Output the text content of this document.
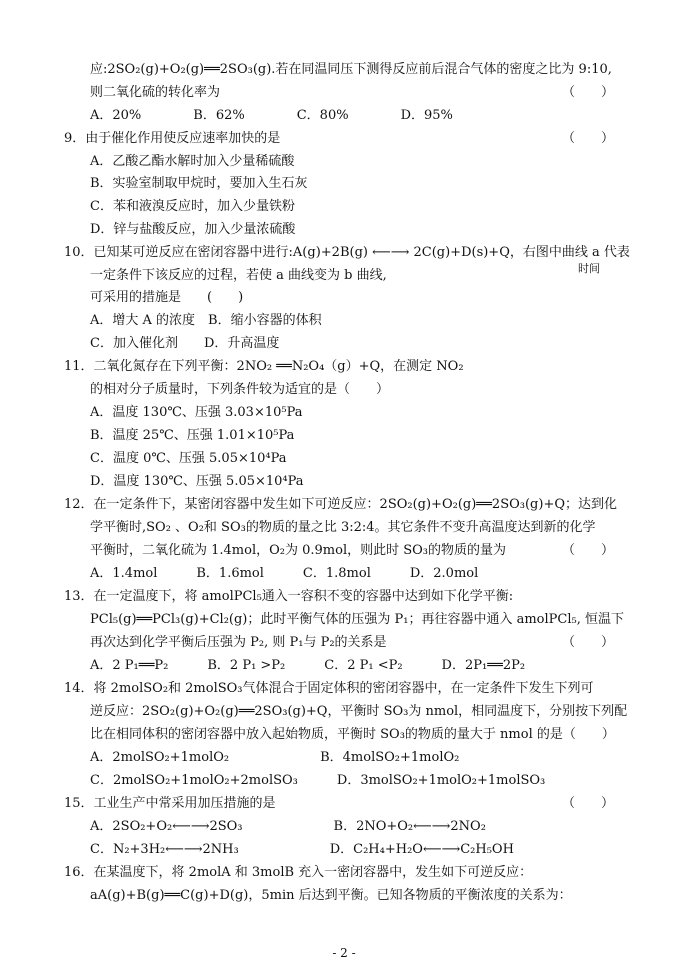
应:2SO₂(g)+O₂(g)══2SO₃(g).若在同温同压下测得反应前后混合气体的密度之比为 9:10,
则二氧化硫的转化率为	（　　）
A．20%　　　　B．62%　　　　C．80%　　　　D．95%
9．由于催化作用使反应速率加快的是	（　　）
A．乙酸乙酯水解时加入少量稀硫酸
B．实验室制取甲烷时，要加入生石灰
C．苯和液溴反应时，加入少量铁粉
D．锌与盐酸反应，加入少量浓硫酸
10．已知某可逆反应在密闭容器中进行:A(g)+2B(g) ⟵⟶ 2C(g)+D(s)+Q，右图中曲线 a 代表
时间
一定条件下该反应的过程，若使 a 曲线变为 b 曲线,
可采用的措施是　　(　　)
A．增大 A 的浓度　B．缩小容器的体积
C．加入催化剂　　D．升高温度
11．二氧化氮存在下列平衡：2NO₂ ══N₂O₄（g）+Q，在测定 NO₂
的相对分子质量时，下列条件较为适宜的是（　　）
A．温度 130℃、压强 3.03×10⁵Pa
B．温度 25℃、压强 1.01×10⁵Pa
C．温度 0℃、压强 5.05×10⁴Pa
D．温度 130℃、压强 5.05×10⁴Pa
12．在一定条件下，某密闭容器中发生如下可逆反应：2SO₂(g)+O₂(g)══2SO₃(g)+Q；达到化
学平衡时,SO₂ 、O₂和 SO₃的物质的量之比 3:2:4。其它条件不变升高温度达到新的化学
平衡时，二氧化硫为 1.4mol，O₂为 0.9mol，则此时 SO₃的物质的量为	（　　）
A．1.4mol　　　B．1.6mol　　　C．1.8mol　　　D．2.0mol
13．在一定温度下，将 amolPCl₅通入一容积不变的容器中达到如下化学平衡:
PCl₅(g)══PCl₃(g)+Cl₂(g)；此时平衡气体的压强为 P₁；再往容器中通入 amolPCl₅, 恒温下
再次达到化学平衡后压强为 P₂, 则 P₁与 P₂的关系是	（　　）
A．2 P₁══P₂　　　B．2 P₁ >P₂　　　C．2 P₁ <P₂　　　D．2P₁══2P₂
14．将 2molSO₂和 2molSO₃气体混合于固定体积的密闭容器中，在一定条件下发生下列可
逆反应：2SO₂(g)+O₂(g)══2SO₃(g)+Q，平衡时 SO₃为 nmol，相同温度下，分别按下列配
比在相同体积的密闭容器中放入起始物质，平衡时 SO₃的物质的量大于 nmol 的是（　　）
A．2molSO₂+1molO₂　　　　　　　B．4molSO₂+1molO₂
C．2molSO₂+1molO₂+2molSO₃　　　D．3molSO₂+1molO₂+1molSO₃
15．工业生产中常采用加压措施的是	（　　）
A．2SO₂+O₂⟵⟶2SO₃　　　　　　　B．2NO+O₂⟵⟶2NO₂
C．N₂+3H₂⟵⟶2NH₃　　　　　　　D．C₂H₄+H₂O⟵⟶C₂H₅OH
16．在某温度下，将 2molA 和 3molB 充入一密闭容器中，发生如下可逆反应：
aA(g)+B(g)══C(g)+D(g)，5min 后达到平衡。已知各物质的平衡浓度的关系为：
- 2 -
